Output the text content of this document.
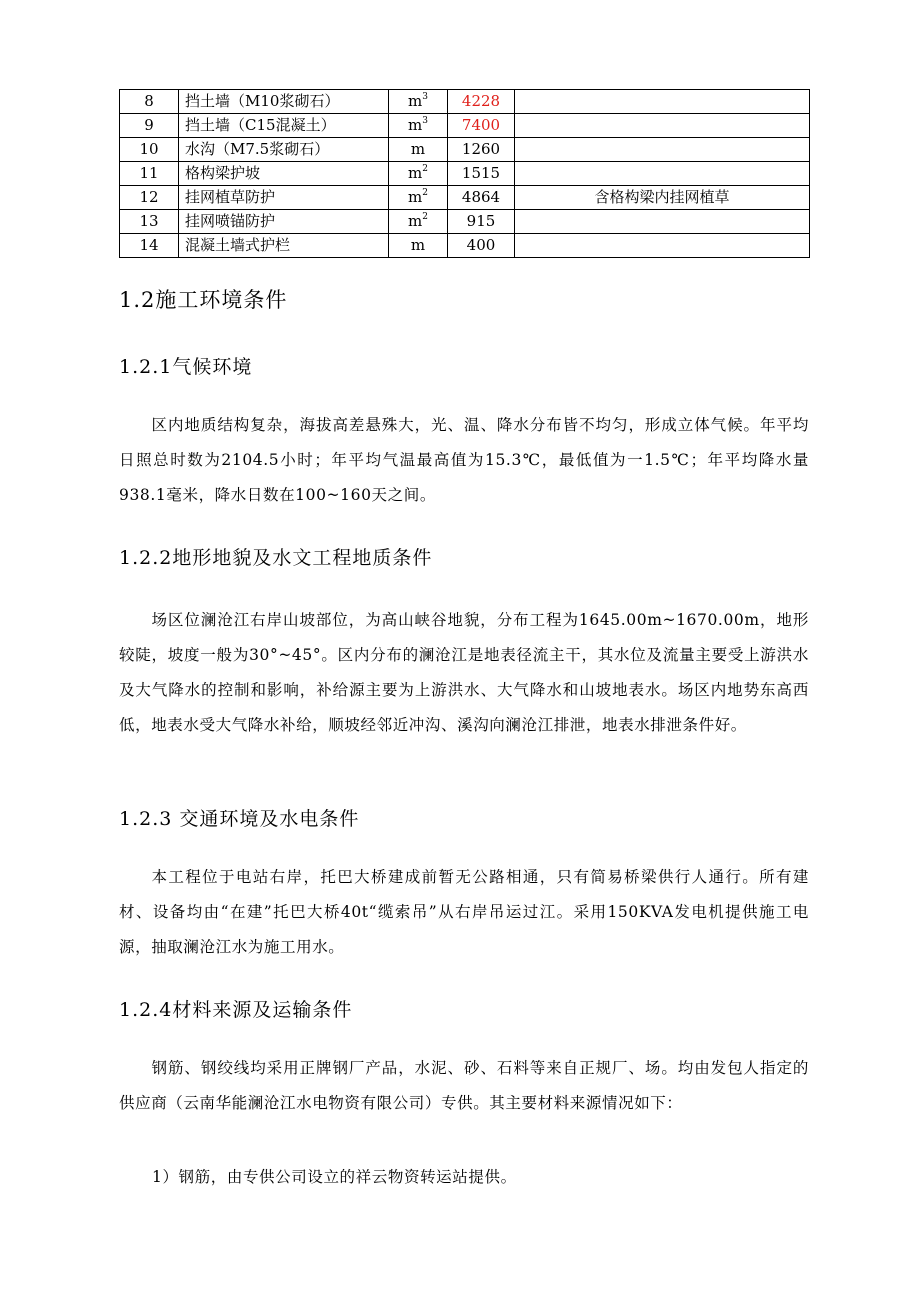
8	挡土墙（M10浆砌石）	$m^3$	4228	
9	挡土墙（C15混凝土）	$m^3$	7400	
10	水沟（M7.5浆砌石）	m	1260	
11	格构梁护坡	$m^2$	1515	
12	挂网植草防护	$m^2$	4864	含格构梁内挂网植草
13	挂网喷锚防护	$m^2$	915	
14	混凝土墙式护栏	m	400	
1.2施工环境条件
1.2.1气候环境

区内地质结构复杂，海拔高差悬殊大，光、温、降水分布皆不均匀，形成立体气候。年平均日照总时数为2104.5小时；年平均气温最高值为15.3℃，最低值为一1.5℃；年平均降水量938.1毫米，降水日数在100~160天之间。

1.2.2地形地貌及水文工程地质条件

场区位澜沧江右岸山坡部位，为高山峡谷地貌，分布工程为1645.00m~1670.00m，地形较陡，坡度一般为30°~45°。区内分布的澜沧江是地表径流主干，其水位及流量主要受上游洪水及大气降水的控制和影响，补给源主要为上游洪水、大气降水和山坡地表水。场区内地势东高西低，地表水受大气降水补给，顺坡经邻近冲沟、溪沟向澜沧江排泄，地表水排泄条件好。

1.2.3 交通环境及水电条件

本工程位于电站右岸，托巴大桥建成前暂无公路相通，只有简易桥梁供行人通行。所有建材、设备均由“在建”托巴大桥40t“缆索吊”从右岸吊运过江。采用150KVA发电机提供施工电源，抽取澜沧江水为施工用水。

1.2.4材料来源及运输条件

钢筋、钢绞线均采用正牌钢厂产品，水泥、砂、石料等来自正规厂、场。均由发包人指定的供应商（云南华能澜沧江水电物资有限公司）专供。其主要材料来源情况如下：

1）钢筋，由专供公司设立的祥云物资转运站提供。
